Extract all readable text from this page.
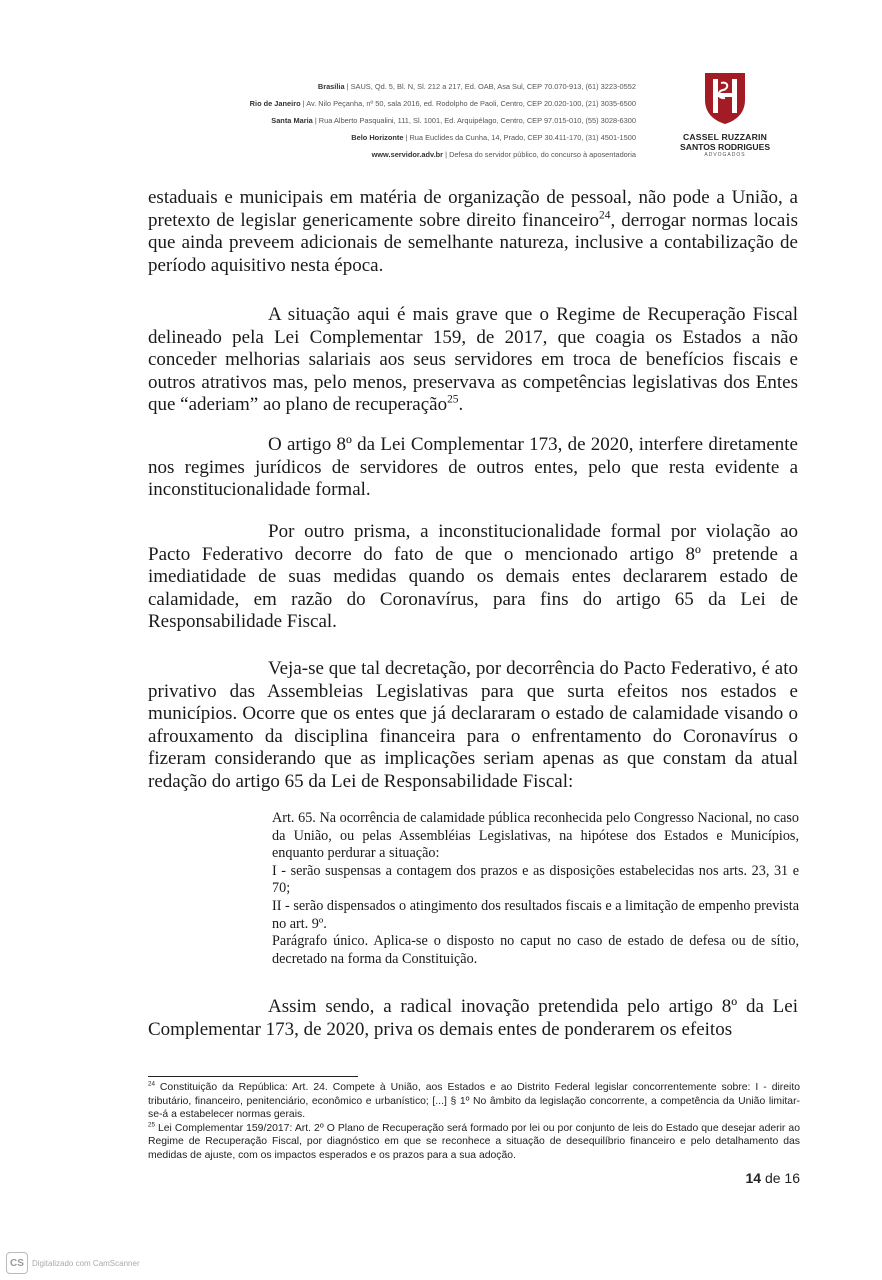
Brasília | SAUS, Qd. 5, Bl. N, Sl. 212 a 217, Ed. OAB, Asa Sul, CEP 70.070-913, (61) 3223-0552
Rio de Janeiro | Av. Nilo Peçanha, nº 50, sala 2016, ed. Rodolpho de Paoli, Centro, CEP 20.020-100, (21) 3035-6500
Santa Maria | Rua Alberto Pasqualini, 111, Sl. 1001, Ed. Arquipélago, Centro, CEP 97.015-010, (55) 3028-6300
Belo Horizonte | Rua Euclides da Cunha, 14, Prado, CEP 30.411-170, (31) 4501-1500
www.servidor.adv.br | Defesa do servidor público, do concurso à aposentadoria
CASSEL RUZZARIN
SANTOS RODRIGUES
ADVOGADOS

estaduais e municipais em matéria de organização de pessoal, não pode a União, a pretexto de legislar genericamente sobre direito financeiro$^{24}$, derrogar normas locais que ainda preveem adicionais de semelhante natureza, inclusive a contabilização de período aquisitivo nesta época.

A situação aqui é mais grave que o Regime de Recuperação Fiscal delineado pela Lei Complementar 159, de 2017, que coagia os Estados a não conceder melhorias salariais aos seus servidores em troca de benefícios fiscais e outros atrativos mas, pelo menos, preservava as competências legislativas dos Entes que “aderiam” ao plano de recuperação$^{25}$.

O artigo 8º da Lei Complementar 173, de 2020, interfere diretamente nos regimes jurídicos de servidores de outros entes, pelo que resta evidente a inconstitucionalidade formal.

Por outro prisma, a inconstitucionalidade formal por violação ao Pacto Federativo decorre do fato de que o mencionado artigo 8º pretende a imediatidade de suas medidas quando os demais entes declararem estado de calamidade, em razão do Coronavírus, para fins do artigo 65 da Lei de Responsabilidade Fiscal.

Veja-se que tal decretação, por decorrência do Pacto Federativo, é ato privativo das Assembleias Legislativas para que surta efeitos nos estados e municípios. Ocorre que os entes que já declararam o estado de calamidade visando o afrouxamento da disciplina financeira para o enfrentamento do Coronavírus o fizeram considerando que as implicações seriam apenas as que constam da atual redação do artigo 65 da Lei de Responsabilidade Fiscal:

Art. 65. Na ocorrência de calamidade pública reconhecida pelo Congresso Nacional, no caso da União, ou pelas Assembléias Legislativas, na hipótese dos Estados e Municípios, enquanto perdurar a situação:

I - serão suspensas a contagem dos prazos e as disposições estabelecidas nos arts. 23, 31 e 70;

II - serão dispensados o atingimento dos resultados fiscais e a limitação de empenho prevista no art. 9º.

Parágrafo único. Aplica-se o disposto no caput no caso de estado de defesa ou de sítio, decretado na forma da Constituição.

Assim sendo, a radical inovação pretendida pelo artigo 8º da Lei Complementar 173, de 2020, priva os demais entes de ponderarem os efeitos

$^{24}$ Constituição da República: Art. 24. Compete à União, aos Estados e ao Distrito Federal legislar concorrentemente sobre: I - direito tributário, financeiro, penitenciário, econômico e urbanístico; [...] § 1º No âmbito da legislação concorrente, a competência da União limitar-se-á a estabelecer normas gerais.

$^{25}$ Lei Complementar 159/2017: Art. 2º O Plano de Recuperação será formado por lei ou por conjunto de leis do Estado que desejar aderir ao Regime de Recuperação Fiscal, por diagnóstico em que se reconhece a situação de desequilíbrio financeiro e pelo detalhamento das medidas de ajuste, com os impactos esperados e os prazos para a sua adoção.

14 de 16
CS	Digitalizado com CamScanner
